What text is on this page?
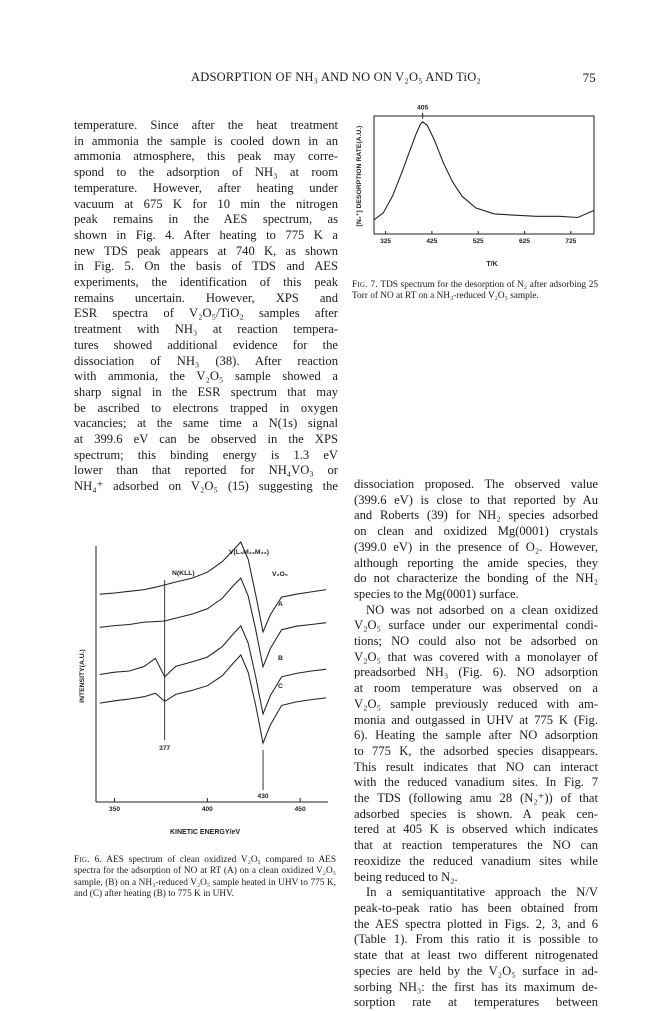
ADSORPTION OF NH₃ AND NO ON V₂O₅ AND TiO₂	75

temperature. Since after the heat treatment
in ammonia the sample is cooled down in an
ammonia atmosphere, this peak may corre-
spond to the adsorption of NH₃ at room
temperature. However, after heating under
vacuum at 675 K for 10 min the nitrogen
peak remains in the AES spectrum, as
shown in Fig. 4. After heating to 775 K a
new TDS peak appears at 740 K, as shown
in Fig. 5. On the basis of TDS and AES
experiments, the identification of this peak
remains uncertain. However, XPS and
ESR spectra of V₂O₅/TiO₂ samples after
treatment with NH₃ at reaction tempera-
tures showed additional evidence for the
dissociation of NH₃ (38). After reaction
with ammonia, the V₂O₅ sample showed a
sharp signal in the ESR spectrum that may
be ascribed to electrons trapped in oxygen
vacancies; at the same time a N(1s) signal
at 399.6 eV can be observed in the XPS
spectrum; this binding energy is 1.3 eV
lower than that reported for NH₄VO₃ or
NH₄⁺ adsorbed on V₂O₅ (15) suggesting the

[N₂⁺] DESORPTION RATE(A.U.)
T/K
325	425	525	625	725
405
Fig. 7. TDS spectrum for the desorption of N₂ after adsorbing 25 Torr of NO at RT on a NH₃-reduced V₂O₅ sample.
INTENSITY(A.U.)
KINETIC ENERGY/eV
350	400	450
377
430
N(KLL)
V(L₃M₂₃M₂₃)
V₂O₅
A
B
C
Fig. 6. AES spectrum of clean oxidized V₂O₅ compared to AES spectra for the adsorption of NO at RT (A) on a clean oxidized V₂O₅ sample, (B) on a NH₃-reduced V₂O₅ sample heated in UHV to 775 K, and (C) after heating (B) to 775 K in UHV.

dissociation proposed. The observed value
(399.6 eV) is close to that reported by Au
and Roberts (39) for NH₂ species adsorbed
on clean and oxidized Mg(0001) crystals
(399.0 eV) in the presence of O₂. However,
although reporting the amide species, they
do not characterize the bonding of the NH₂
species to the Mg(0001) surface.

NO was not adsorbed on a clean oxidized
V₂O₅ surface under our experimental condi-
tions; NO could also not be adsorbed on
V₂O₅ that was covered with a monolayer of
preadsorbed NH₃ (Fig. 6). NO adsorption
at room temperature was observed on a
V₂O₅ sample previously reduced with am-
monia and outgassed in UHV at 775 K (Fig.
6). Heating the sample after NO adsorption
to 775 K, the adsorbed species disappears.
This result indicates that NO can interact
with the reduced vanadium sites. In Fig. 7
the TDS (following amu 28 (N₂⁺)) of that
adsorbed species is shown. A peak cen-
tered at 405 K is observed which indicates
that at reaction temperatures the NO can
reoxidize the reduced vanadium sites while
being reduced to N₂.

In a semiquantitative approach the N/V
peak-to-peak ratio has been obtained from
the AES spectra plotted in Figs. 2, 3, and 6
(Table 1). From this ratio it is possible to
state that at least two different nitrogenated
species are held by the V₂O₅ surface in ad-
sorbing NH₃: the first has its maximum de-
sorption rate at temperatures between
